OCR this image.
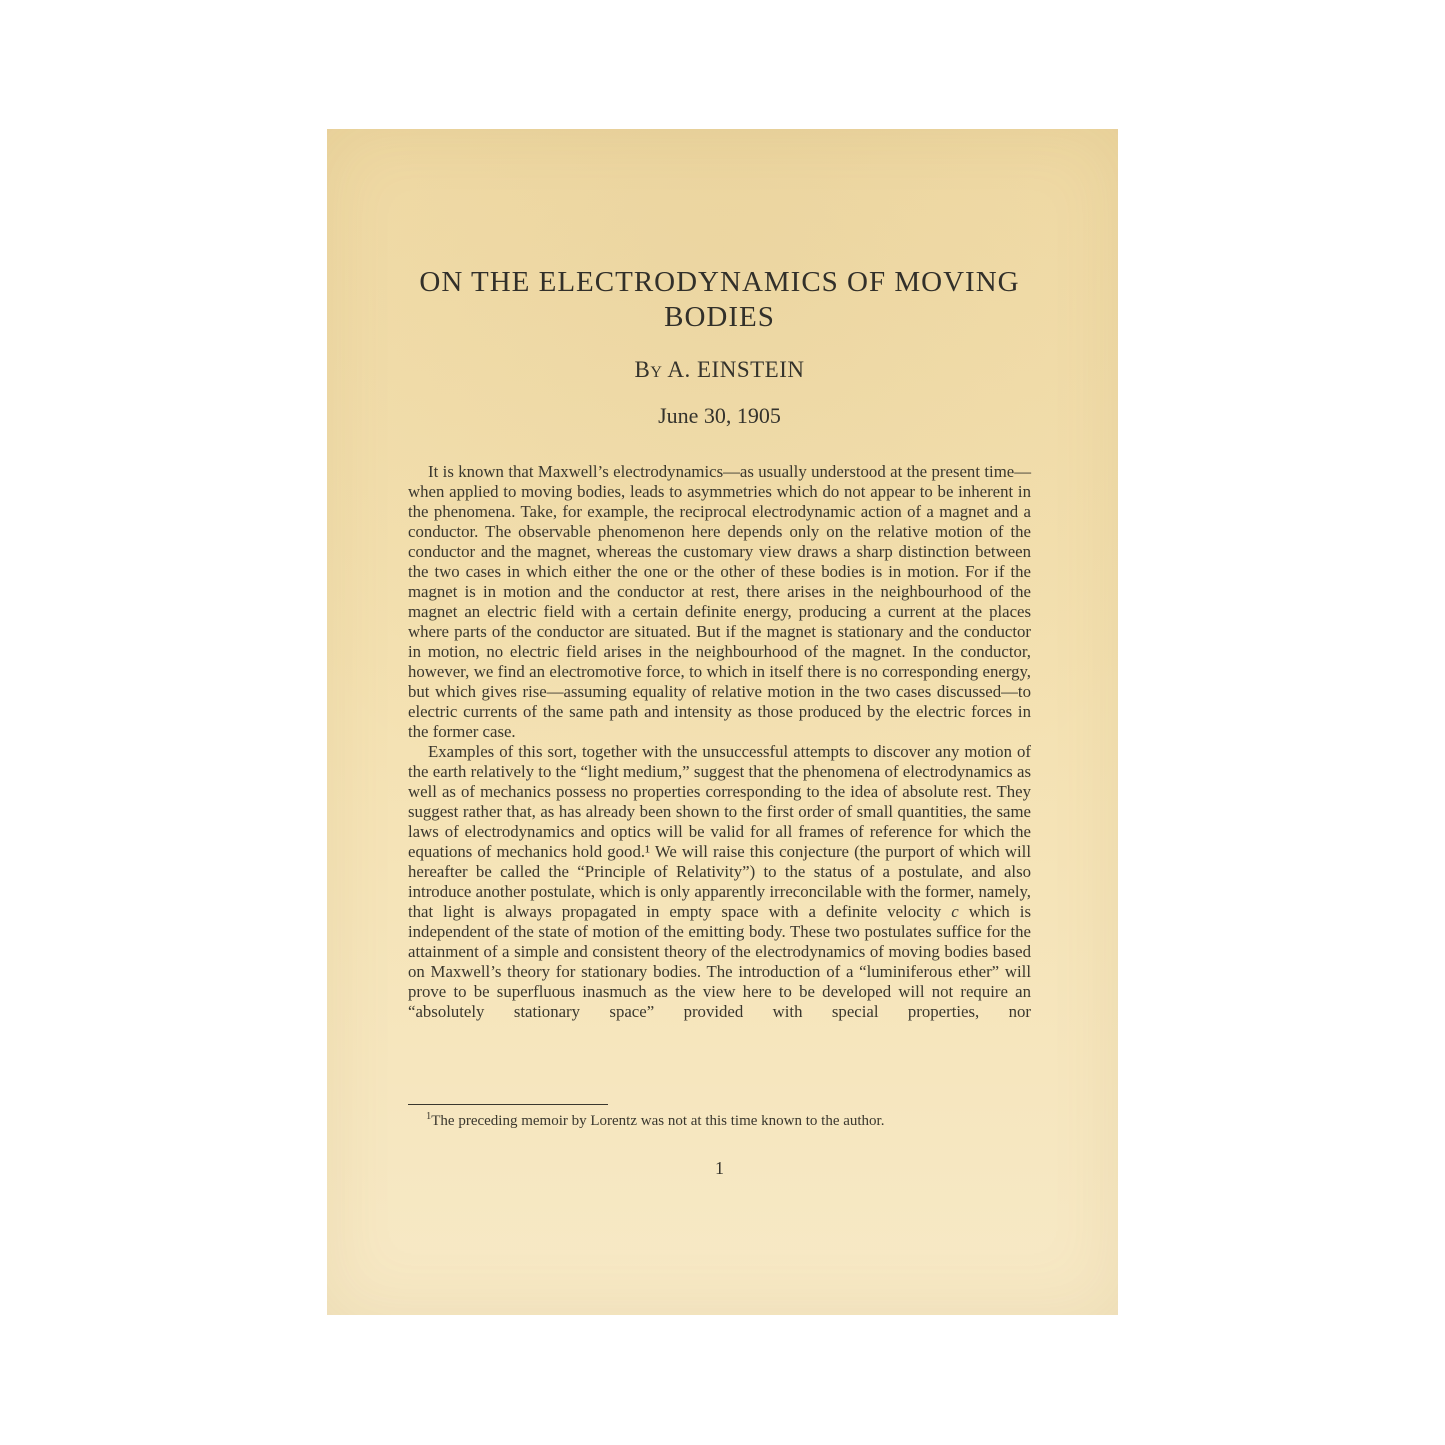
ON THE ELECTRODYNAMICS OF MOVING BODIES
By A. EINSTEIN
June 30, 1905

It is known that Maxwell’s electrodynamics—as usually understood at the present time—when applied to moving bodies, leads to asymmetries which do not appear to be inherent in the phenomena. Take, for example, the reciprocal electrodynamic action of a magnet and a conductor. The observable phenomenon here depends only on the relative motion of the conductor and the magnet, whereas the customary view draws a sharp distinction between the two cases in which either the one or the other of these bodies is in motion. For if the magnet is in motion and the conductor at rest, there arises in the neighbourhood of the magnet an electric field with a certain definite energy, producing a current at the places where parts of the conductor are situated. But if the magnet is stationary and the conductor in motion, no electric field arises in the neighbourhood of the magnet. In the conductor, however, we find an electromotive force, to which in itself there is no corresponding energy, but which gives rise—assuming equality of relative motion in the two cases discussed—to electric currents of the same path and intensity as those produced by the electric forces in the former case.

Examples of this sort, together with the unsuccessful attempts to discover any motion of the earth relatively to the “light medium,” suggest that the phenomena of electrodynamics as well as of mechanics possess no properties corresponding to the idea of absolute rest. They suggest rather that, as has already been shown to the first order of small quantities, the same laws of electrodynamics and optics will be valid for all frames of reference for which the equations of mechanics hold good.¹ We will raise this conjecture (the purport of which will hereafter be called the “Principle of Relativity”) to the status of a postulate, and also introduce another postulate, which is only apparently irreconcilable with the former, namely, that light is always propagated in empty space with a definite velocity c which is independent of the state of motion of the emitting body. These two postulates suffice for the attainment of a simple and consistent theory of the electrodynamics of moving bodies based on Maxwell’s theory for stationary bodies. The introduction of a “luminiferous ether” will prove to be superfluous inasmuch as the view here to be developed will not require an “absolutely stationary space” provided with special properties, nor

$^1$The preceding memoir by Lorentz was not at this time known to the author.
1
